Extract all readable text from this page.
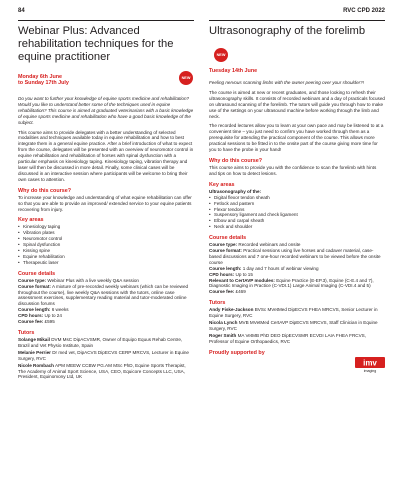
84	RVC CPD 2022
Webinar Plus: Advanced rehabilitation techniques for the equine practitioner
Monday 6th June
to Sunday 17th July
NEW

Do you want to further your knowledge of equine sports medicine and rehabilitation? Would you like to understand better some of the techniques used in equine rehabilitation? This course is aimed at graduated veterinarians with a basic knowledge of equine sports medicine and rehabilitation who have a good basic knowledge of the subject.

This course aims to provide delegates with a better understanding of selected modalities and techniques available today in equine rehabilitation and how to best integrate them in a general equine practice. After a brief introduction of what to expect from the course, delegates will be presented with an overview of neuromotor control in equine rehabilitation and rehabilitation of horses with spinal dysfunction with a particular emphasis on kinesiology taping. Kinesiology taping, vibration therapy and laser will then be discussed in more detail. Finally, some clinical cases will be discussed in an interactive session where participants will be welcome to bring their own cases to attention.

Why do this course?

To increase your knowledge and understanding of what equine rehabilitation can offer so that you are able to provide an improved/ extended service to your equine patients recovering from injury.

Key areas
• Kinesiology taping
• Vibration plates
• Neuromotor control
• Spinal dysfunction
• Kissing spine
• Equine rehabilitation
• Therapeutic laser
Course details

Course type: Webinar Plus with a live weekly Q&A session

Course format: A mixture of pre-recorded weekly webinars (which can be reviewed throughout the course), live weekly Q&A sessions with the tutors, online case assessment exercises, supplementary reading material and tutor-moderated online discussion forums

Course length: 6 weeks

CPD hours: Up to 24

Course fee: £595

Tutors

Solange Mikail DVM MsC DipACVSMR, Owner of Equipo Equus Rehab Centre, Brazil and Vet Physio Institute, Spain

Melanie Perrier Dr med vet, DipACVS DipECVS CERP MRCVS, Lecturer in Equine Surgery, RVC

Nicole Rombach APM MEEW CCBW PG.AM MSc PhD, Equine Sports Therapist, The Academy of Animal Sport Science, USA, CEO, Equicore Concepts LLC, USA, President, Equinomony Ltd, UK

Ultrasonography of the forelimb
Tuesday 14th June
NEW

Feeling nervous scanning limbs with the owner peering over your shoulder?!

The course is aimed at new or recent graduates, and those looking to refresh their ultrasonography skills. It consists of recorded webinars and a day of practicals focused on ultrasound scanning of the forelimb. The tutors will guide you through how to make use of the settings on your ultrasound machine before working through the limb and neck.

The recorded lectures allow you to learn at your own pace and may be listened to at a convenient time – you just need to confirm you have worked through them as a prerequisite for attending the practical component of the course. This allows more practical sessions to be fitted in to the onsite part of the course giving more time for you to have the probe in your hand!

Why do this course?

This course aims to provide you with the confidence to scan the forelimb with hints and tips on how to detect lesions.

Key areas

Ultrasonography of the:

• Digital flexor tendon sheath
• Fetlock and pastern
• Flexor tendons
• Suspensory ligament and check ligament
• Elbow and carpal sheath
• Neck and shoulder
Course details

Course type: Recorded webinars and onsite

Course format: Practical sessions using live horses and cadaver material, case-based discussions and 7 one-hour recorded webinars to be viewed before the onsite course

Course length: 1 day and 7 hours of webinar viewing

CPD hours: Up to 15

Relevant to CertAVP modules: Equine Practice (E-EP.3), Equine (C-E.4 and 7), Diagnostic Imaging in Practice (C-VDI.1) Large Animal Imaging (C-VDI.4 and 5)

Course fee: £469

Tutors

Andy Fiske-Jackson BVSc MVetMed DipECVS FHEA MRCVS, Senior Lecturer in Equine Surgery, RVC

Nicola Lynch MVB MVetMed CertAVP DipECVS MRCVS, Staff Clinician in Equine Surgery, RVC

Roger Smith MA VetMB PhD DEO DipECVSMR ECVDI LAIA FHEA FRCVS, Professor of Equine Orthopaedics, RVC

Proudly supported by
imv
imaging
